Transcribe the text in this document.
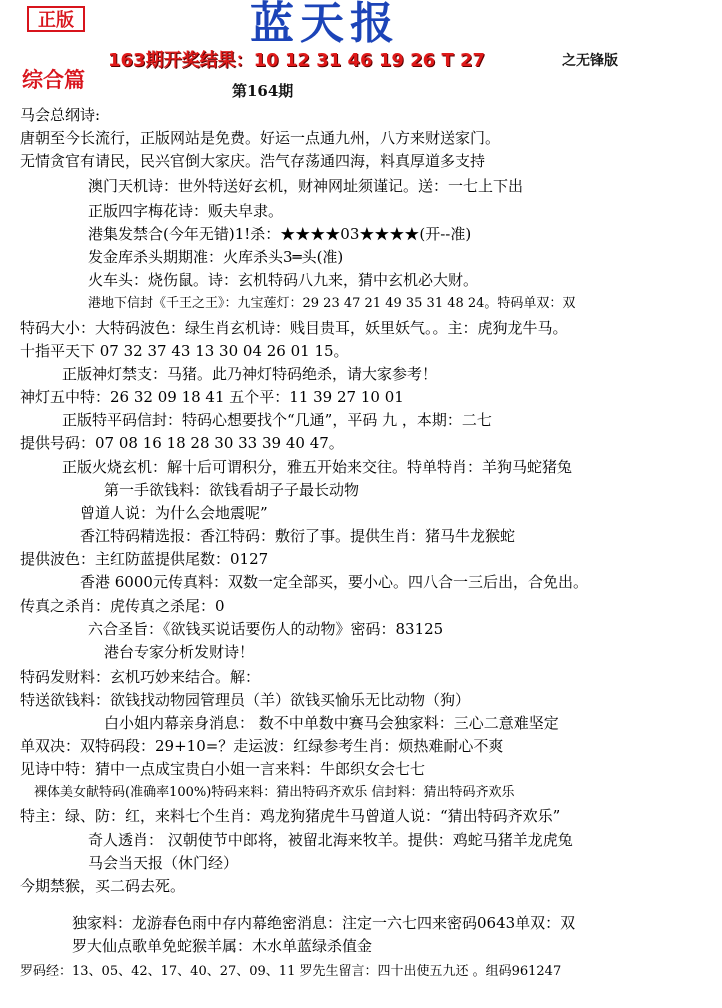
正版	蓝天报
163期开奖结果：10 12 31 46 19 26 T 27	之无锋版
综合篇	第164期
马会总纲诗:
唐朝至今长流行，正版网站是免费。好运一点通九州，八方来财送家门。
无情贪官有请民，民兴官倒大家庆。浩气存荡通四海，料真厚道多支持
澳门天机诗：世外特送好玄机，财神网址须谨记。送：一七上下出
正版四字梅花诗：贩夫皁隶。
港集发禁合(今年无错)1!杀：★★★★03★★★★(开--准)
发金库杀头期期准：火库杀头3═头(准)
火车头：烧伤鼠。诗：玄机特码八九来，猜中玄机必大财。
港地下信封《千王之王》：九宝莲灯：29 23 47 21 49 35 31 48 24。特码单双：双
特码大小：大特码波色：绿生肖玄机诗：贱目贵耳，妖里妖气。。主：虎狗龙牛马。
十指平天下 07 32 37 43 13 30 04 26 01 15。
正版神灯禁支：马猪。此乃神灯特码绝杀，请大家参考！
神灯五中特：26 32 09 18 41 五个平：11 39 27 10 01
正版特平码信封：特码心想要找个“几通”，平码 九 ，本期：二七
提供号码：07 08 16 18 28 30 33 39 40 47。
正版火烧玄机：解十后可谓积分，雅五开始来交往。特单特肖：羊狗马蛇猪兔
第一手欲钱料：欲钱看胡子子最长动物
曾道人说：为什么会地震呢”
香江特码精选报：香江特码：敷衍了事。提供生肖：猪马牛龙猴蛇
提供波色：主红防蓝提供尾数：0127
香港 6000元传真料：双数一定全部买，要小心。四八合一三后出，合免出。
传真之杀肖：虎传真之杀尾：0
六合圣旨：《欲钱买说话要伤人的动物》密码：83125
港台专家分析发财诗！
特码发财料：玄机巧妙来结合。解：
特送欲钱料：欲钱找动物园管理员（羊）欲钱买愉乐无比动物（狗）
白小姐内幕亲身消息： 数不中单数中赛马会独家料：三心二意难坚定
单双决：双特码段：29+10=？走运波：红绿参考生肖：烦热难耐心不爽
见诗中特：猜中一点成宝贵白小姐一言来料：牛郎织女会七七
裸体美女献特码(准确率100%)特码来料：猜出特码齐欢乐 信封料：猜出特码齐欢乐
特主：绿、防：红，来料七个生肖：鸡龙狗猪虎牛马曾道人说：“猜出特码齐欢乐”
奇人透肖： 汉朝使节中郎将，被留北海来牧羊。提供：鸡蛇马猪羊龙虎兔
马会当天报（休门经）
今期禁猴，买二码去死。
独家料：龙游春色雨中存内幕绝密消息：注定一六七四来密码0643单双：双
罗大仙点歌单免蛇猴羊属：木水单蓝绿杀值金
罗码经：13、05、42、17、40、27、09、11 罗先生留言：四十出使五九还 。组码961247
